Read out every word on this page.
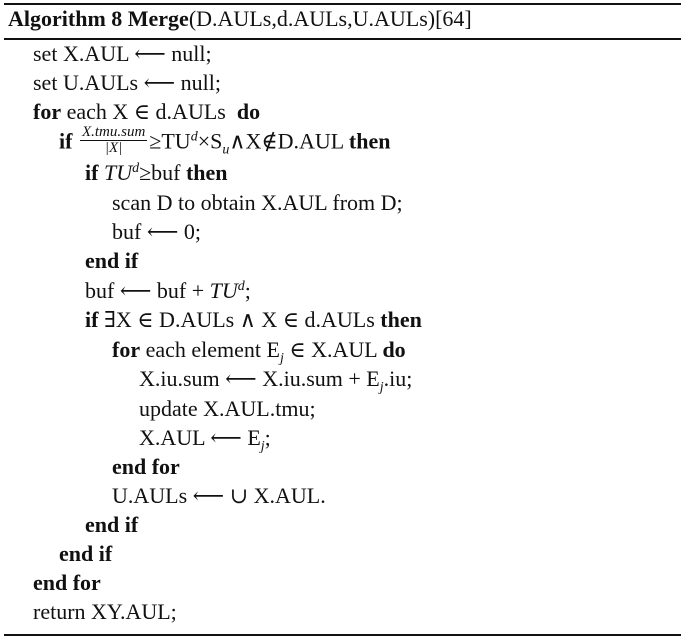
Algorithm 8 Merge(D.AULs,d.AULs,U.AULs)[64]
set X.AUL ⟵ null;
set U.AULs ⟵ null;
for each X ∈ d.AULs  do
if $\frac{\text{X.tmu.sum}}{|X|}$ $\ge TU^d\times S_u\wedge X\notin D.AUL$ then
if $TU^d\ge buf$ then
scan D to obtain X.AUL from D;
buf ⟵ 0;
end if
buf ⟵ buf + $TU^d$;
if ∃X ∈ D.AULs ∧ X ∈ d.AULs then
for each element $E_j$ ∈ X.AUL do
X.iu.sum ⟵ $X.iu.sum + E_j.iu$;
update X.AUL.tmu;
X.AUL ⟵ $E_j$;
end for
U.AULs ⟵ ∪ X.AUL.
end if
end if
end for
return XY.AUL;
